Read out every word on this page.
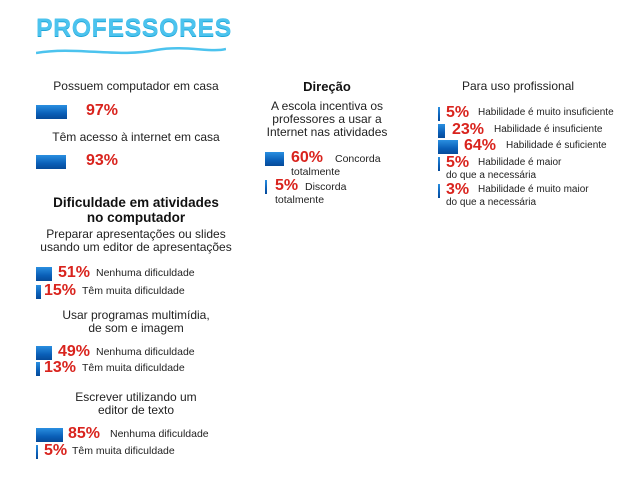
PROFESSORES
Possuem computador em casa
97%
Têm acesso à internet em casa
93%
Dificuldade em atividades
no computador
Preparar apresentações ou slides
usando um editor de apresentações
51% Nenhuma dificuldade
15% Têm muita dificuldade
Usar programas multimídia,
de som e imagem
49% Nenhuma dificuldade
13% Têm muita dificuldade
Escrever utilizando um
editor de texto
85% Nenhuma dificuldade
5% Têm muita dificuldade
Direção
A escola incentiva os
professores a usar a
Internet nas atividades
60% Concorda
totalmente
5% Discorda
totalmente
Para uso profissional
5% Habilidade é muito insuficiente
23% Habilidade é insuficiente
64% Habilidade é suficiente
5% Habilidade é maior
do que a necessária
3% Habilidade é muito maior
do que a necessária
